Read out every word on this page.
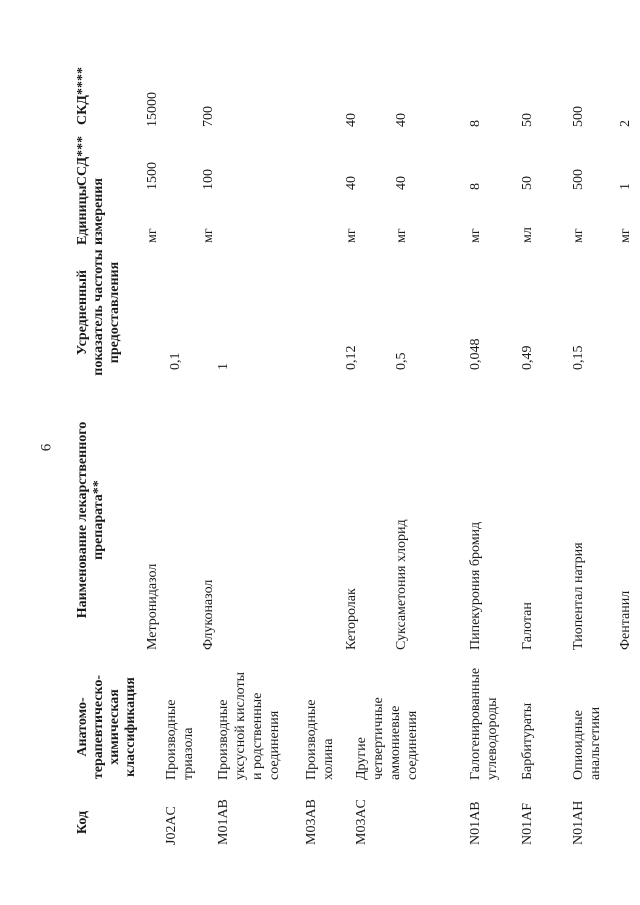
6
Код
Анатомо-терапевтическо-химическая классификация
Наименование лекарственного препарата**
Усредненный показатель частоты предоставления
Единицы измерения
ССД***
СКД****
J02AC
Производные триазола
Метронидазол
0,1
мг
1500
15000
Флуконазол
1
мг
100
700
M01AB
Производные уксусной кислоты и родственные соединения
Кеторолак
0,12
мг
40
40
M03AB
Производные холина
Суксаметония хлорид
0,5
мг
40
40
M03AC
Другие четвертичные аммониевые соединения
Пипекурония бромид
0,048
мг
8
8
N01AB
Галогенированные углеводороды
Галотан
0,49
мл
50
50
N01AF
Барбитураты
Тиопентал натрия
0,15
мг
500
500
N01AH
Опиоидные анальгетики
Фентанил
мг
1
2
